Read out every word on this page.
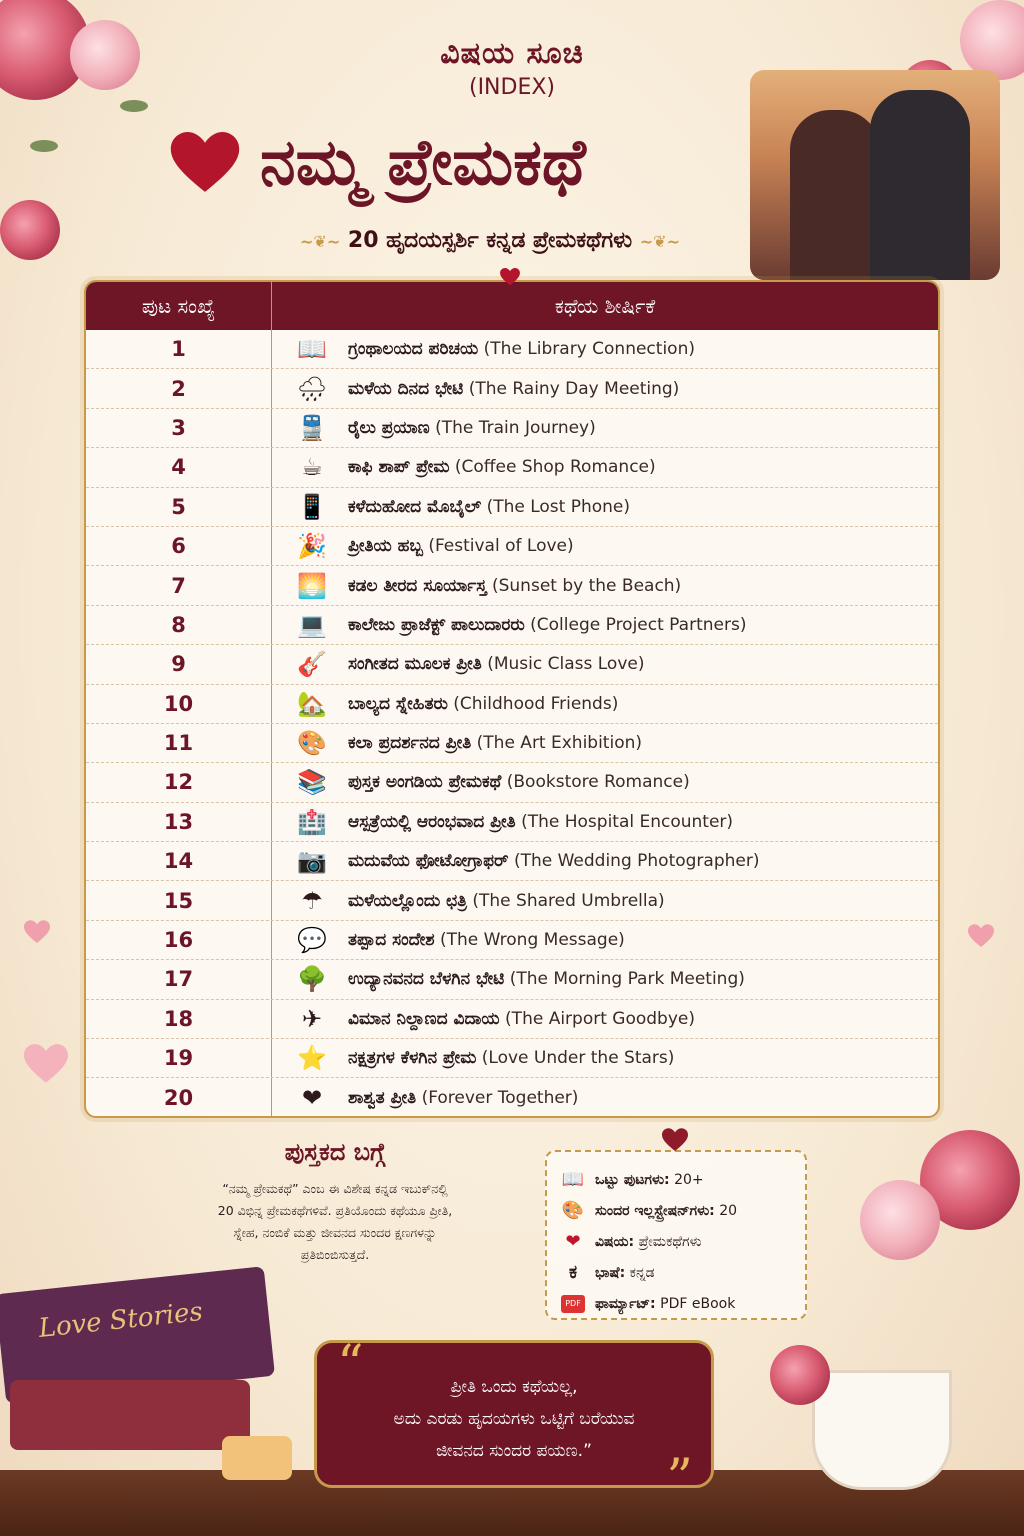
ವಿಷಯ ಸೂಚಿ
(INDEX)
ನಮ್ಮ ಪ್ರೇಮಕಥೆ
~❦~ 20 ಹೃದಯಸ್ಪರ್ಶಿ ಕನ್ನಡ ಪ್ರೇಮಕಥೆಗಳು ~❦~
ಪುಟ ಸಂಖ್ಯೆ	ಕಥೆಯ ಶೀರ್ಷಿಕೆ
1	📖 ಗ್ರಂಥಾಲಯದ ಪರಿಚಯ (The Library Connection)
2	🌧 ಮಳೆಯ ದಿನದ ಭೇಟಿ (The Rainy Day Meeting)
3	🚆 ರೈಲು ಪ್ರಯಾಣ (The Train Journey)
4	☕	ಕಾಫಿ ಶಾಪ್ ಪ್ರೇಮ (Coffee Shop Romance)
5	📱 ಕಳೆದುಹೋದ ಮೊಬೈಲ್ (The Lost Phone)
6	🎉 ಪ್ರೀತಿಯ ಹಬ್ಬ (Festival of Love)
7	🌅 ಕಡಲ ತೀರದ ಸೂರ್ಯಾಸ್ತ (Sunset by the Beach)
8	💻 ಕಾಲೇಜು ಪ್ರಾಜೆಕ್ಟ್ ಪಾಲುದಾರರು (College Project Partners)
9	🎸 ಸಂಗೀತದ ಮೂಲಕ ಪ್ರೀತಿ (Music Class Love)
10	🏡 ಬಾಲ್ಯದ ಸ್ನೇಹಿತರು (Childhood Friends)
11	🎨 ಕಲಾ ಪ್ರದರ್ಶನದ ಪ್ರೀತಿ (The Art Exhibition)
12	📚 ಪುಸ್ತಕ ಅಂಗಡಿಯ ಪ್ರೇಮಕಥೆ (Bookstore Romance)
13	🏥 ಆಸ್ಪತ್ರೆಯಲ್ಲಿ ಆರಂಭವಾದ ಪ್ರೀತಿ (The Hospital Encounter)
14	📷 ಮದುವೆಯ ಫೋಟೋಗ್ರಾಫರ್ (The Wedding Photographer)
15	☂	ಮಳೆಯಲ್ಲೊಂದು ಛತ್ರಿ (The Shared Umbrella)
16	💬 ತಪ್ಪಾದ ಸಂದೇಶ (The Wrong Message)
17	🌳 ಉದ್ಯಾನವನದ ಬೆಳಗಿನ ಭೇಟಿ (The Morning Park Meeting)
18	✈	ವಿಮಾನ ನಿಲ್ದಾಣದ ವಿದಾಯ (The Airport Goodbye)
19	⭐ ನಕ್ಷತ್ರಗಳ ಕೆಳಗಿನ ಪ್ರೇಮ (Love Under the Stars)
20	❤	ಶಾಶ್ವತ ಪ್ರೀತಿ (Forever Together)
ಪುಸ್ತಕದ ಬಗ್ಗೆ

“ನಮ್ಮ ಪ್ರೇಮಕಥೆ” ಎಂಬ ಈ ವಿಶೇಷ ಕನ್ನಡ ಇಬುಕ್‌ನಲ್ಲಿ
20 ವಿಭಿನ್ನ ಪ್ರೇಮಕಥೆಗಳಿವೆ. ಪ್ರತಿಯೊಂದು ಕಥೆಯೂ ಪ್ರೀತಿ,
ಸ್ನೇಹ, ನಂಬಿಕೆ ಮತ್ತು ಜೀವನದ ಸುಂದರ ಕ್ಷಣಗಳನ್ನು
ಪ್ರತಿಬಿಂಬಿಸುತ್ತದೆ.

📖 ಒಟ್ಟು ಪುಟಗಳು: 20+
🎨 ಸುಂದರ ಇಲ್ಲಸ್ಟ್ರೇಷನ್‌ಗಳು: 20
❤	ವಿಷಯ: ಪ್ರೇಮಕಥೆಗಳು
ಕ	ಭಾಷೆ: ಕನ್ನಡ
PDF	ಫಾರ್ಮ್ಯಾಟ್: PDF eBook
Love Stories
“	ಪ್ರೀತಿ ಒಂದು ಕಥೆಯಲ್ಲ,
ಅದು ಎರಡು ಹೃದಯಗಳು ಒಟ್ಟಿಗೆ ಬರೆಯುವ
ಜೀವನದ ಸುಂದರ ಪಯಣ.”	”
